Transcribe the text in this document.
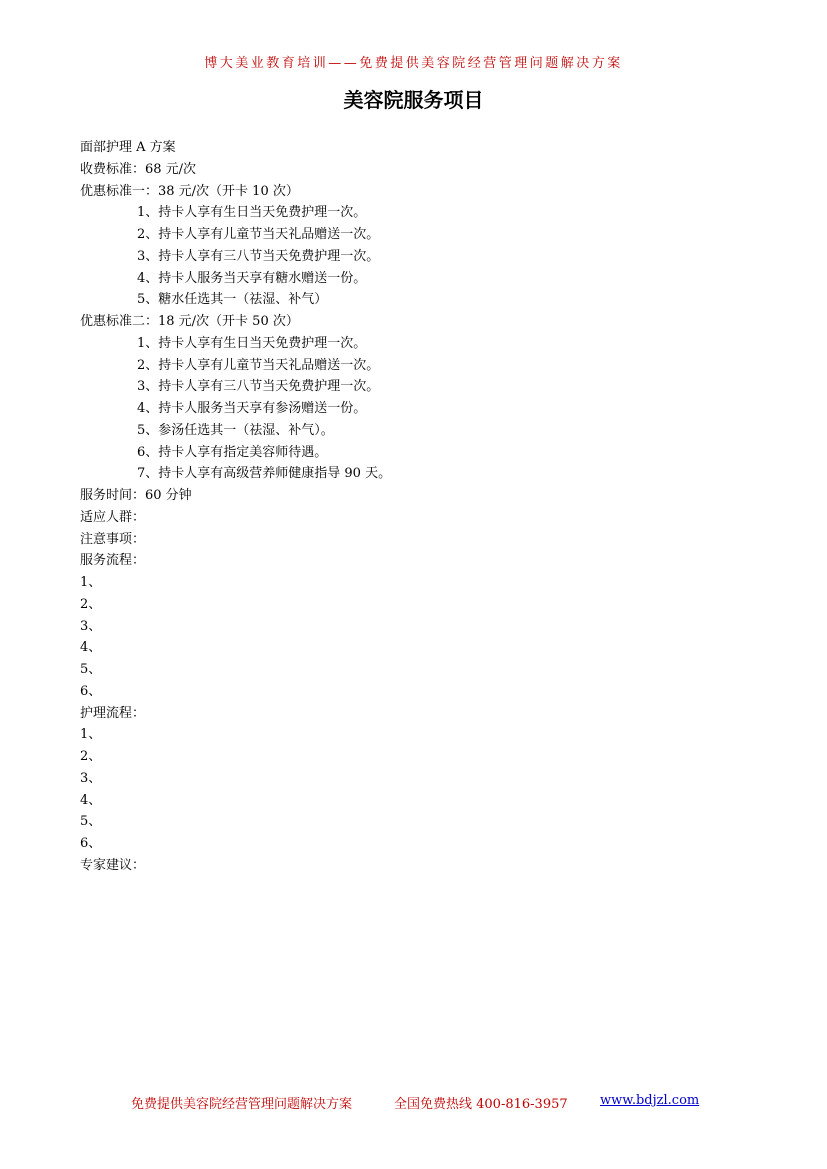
博大美业教育培训——免费提供美容院经营管理问题解决方案
美容院服务项目
面部护理 A 方案
收费标准：68 元/次
优惠标准一：38 元/次（开卡 10 次）
1、持卡人享有生日当天免费护理一次。
2、持卡人享有儿童节当天礼品赠送一次。
3、持卡人享有三八节当天免费护理一次。
4、持卡人服务当天享有糖水赠送一份。
5、糖水任选其一（祛湿、补气）
优惠标准二：18 元/次（开卡 50 次）
1、持卡人享有生日当天免费护理一次。
2、持卡人享有儿童节当天礼品赠送一次。
3、持卡人享有三八节当天免费护理一次。
4、持卡人服务当天享有参汤赠送一份。
5、参汤任选其一（祛湿、补气）。
6、持卡人享有指定美容师待遇。
7、持卡人享有高级营养师健康指导 90 天。
服务时间：60 分钟
适应人群：
注意事项：
服务流程：
1、
2、
3、
4、
5、
6、
护理流程：
1、
2、
3、
4、
5、
6、
专家建议：
免费提供美容院经营管理问题解决方案	全国免费热线 400-816-3957 www.bdjzl.com
